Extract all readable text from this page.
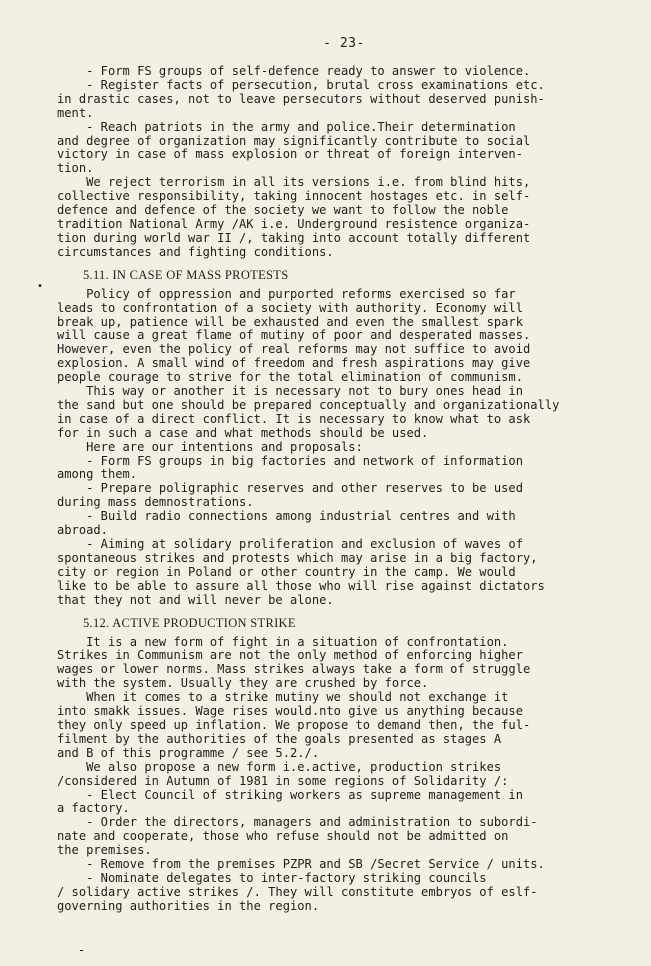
- 23-
- Form FS groups of self-defence ready to answer to violence.
- Register facts of persecution, brutal cross examinations etc.
in drastic cases, not to leave persecutors without deserved punish-
ment.
- Reach patriots in the army and police.Their determination
and degree of organization may significantly contribute to social
victory in case of mass explosion or threat of foreign interven-
tion.
We reject terrorism in all its versions i.e. from blind hits,
collective responsibility, taking innocent hostages etc. in self-
defence and defence of the society we want to follow the noble
tradition National Army /AK i.e. Underground resistence organiza-
tion during world war II /, taking into account totally different
circumstances and fighting conditions.
5.11. IN CASE OF MASS PROTESTS
Policy of oppression and purported reforms exercised so far
leads to confrontation of a society with authority. Economy will
break up, patience will be exhausted and even the smallest spark
will cause a great flame of mutiny of poor and desperated masses.
However, even the policy of real reforms may not suffice to avoid
explosion. A small wind of freedom and fresh aspirations may give
people courage to strive for the total elimination of communism.
This way or another it is necessary not to bury ones head in
the sand but one should be prepared conceptually and organizationally
in case of a direct conflict. It is necessary to know what to ask
for in such a case and what methods should be used.
Here are our intentions and proposals:
- Form FS groups in big factories and network of information
among them.
- Prepare poligraphic reserves and other reserves to be used
during mass demnostrations.
- Build radio connections among industrial centres and with
abroad.
- Aiming at solidary proliferation and exclusion of waves of
spontaneous strikes and protests which may arise in a big factory,
city or region in Poland or other country in the camp. We would
like to be able to assure all those who will rise against dictators
that they not and will never be alone.
5.12. ACTIVE PRODUCTION STRIKE
It is a new form of fight in a situation of confrontation.
Strikes in Communism are not the only method of enforcing higher
wages or lower norms. Mass strikes always take a form of struggle
with the system. Usually they are crushed by force.
When it comes to a strike mutiny we should not exchange it
into smakk issues. Wage rises would.nto give us anything because
they only speed up inflation. We propose to demand then, the ful-
filment by the authorities of the goals presented as stages A
and B of this programme / see 5.2./.
We also propose a new form i.e.active, production strikes
/considered in Autumn of 1981 in some regions of Solidarity /:
- Elect Council of striking workers as supreme management in
a factory.
- Order the directors, managers and administration to subordi-
nate and cooperate, those who refuse should not be admitted on
the premises.
- Remove from the premises PZPR and SB /Secret Service / units.
- Nominate delegates to inter-factory striking councils
/ solidary active strikes /. They will constitute embryos of eslf-
governing authorities in the region.
•
-
